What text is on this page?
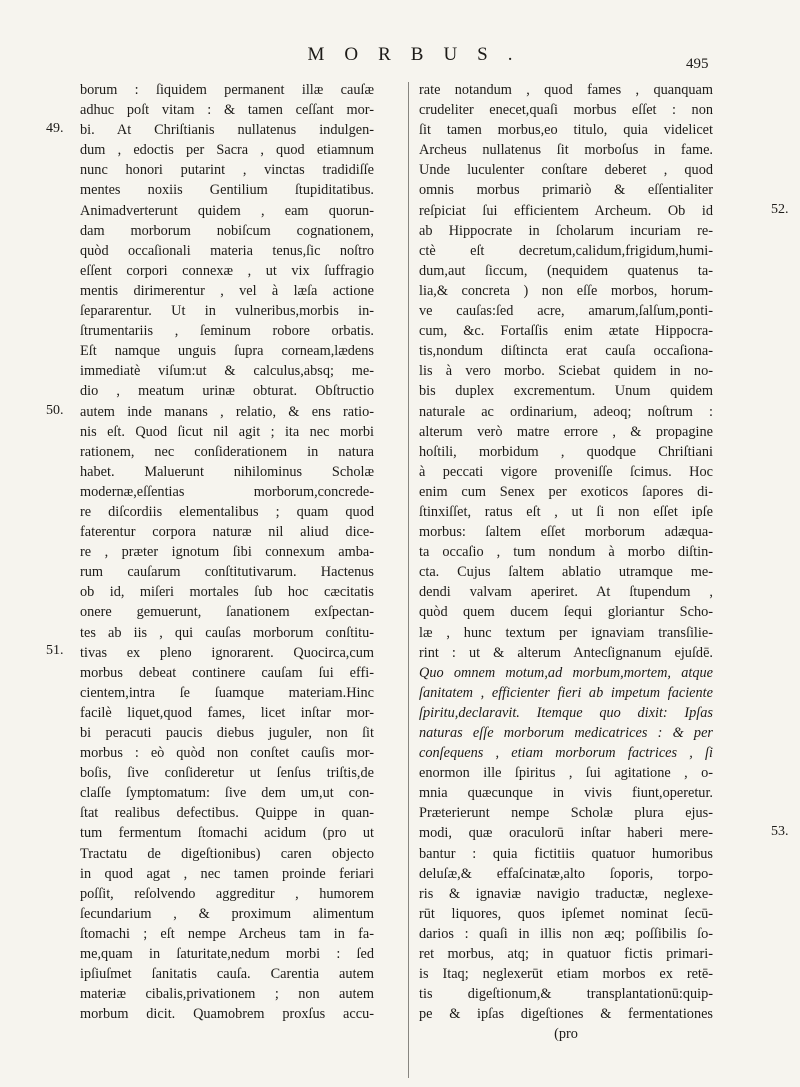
MORBUS.	495
49.
50.
51.
52.
53.
borum : ſiquidem permanent illæ cauſæ
adhuc poſt vitam : & tamen ceſſant mor-
bi. At Chriſtianis nullatenus indulgen-
dum , edoctis per Sacra , quod etiamnum
nunc honori putarint , vinctas tradidiſſe
mentes noxiis Gentilium ſtupiditatibus.
Animadverterunt quidem , eam quorun-
dam morborum nobiſcum cognationem,
quòd occaſionali materia tenus,ſic noſtro
eſſent corpori connexæ , ut vix ſuffragio
mentis dirimerentur , vel à læſa actione
ſepararentur. Ut in vulneribus,morbis in-
ſtrumentariis , ſeminum robore orbatis.
Eſt namque unguis ſupra corneam,lædens
immediatè viſum:ut & calculus,absq; me-
dio , meatum urinæ obturat. Obſtructio
autem inde manans , relatio, & ens ratio-
nis eſt. Quod ſicut nil agit ; ita nec morbi
rationem, nec conſiderationem in natura
habet. Maluerunt nihilominus Scholæ
modernæ,eſſentias morborum,concrede-
re diſcordiis elementalibus ; quam quod
faterentur corpora naturæ nil aliud dice-
re , præter ignotum ſibi connexum amba-
rum cauſarum conſtitutivarum. Hactenus
ob id, miſeri mortales ſub hoc cæcitatis
onere gemuerunt, ſanationem exſpectan-
tes ab iis , qui cauſas morborum conſtitu-
tivas ex pleno ignorarent. Quocirca,cum
morbus debeat continere cauſam ſui effi-
cientem,intra ſe ſuamque materiam.Hinc
facilè liquet,quod fames, licet inſtar mor-
bi peracuti paucis diebus juguler, non ſit
morbus : eò quòd non conſtet cauſis mor-
boſis, ſive conſideretur ut ſenſus triſtis,de
claſſe ſymptomatum: ſive dem um,ut con-
ſtat realibus defectibus. Quippe in quan-
tum fermentum ſtomachi acidum (pro ut
Tractatu de digeſtionibus) caren objecto
in quod agat , nec tamen proinde feriari
poſſit, reſolvendo aggreditur , humorem
ſecundarium , & proximum alimentum
ſtomachi ; eſt nempe Archeus tam in fa-
me,quam in ſaturitate,nedum morbi : ſed
ipſiuſmet ſanitatis cauſa. Carentia autem
materiæ cibalis,privationem ; non autem
morbum dicit. Quamobrem proxſus accu-
rate notandum , quod fames , quanquam
crudeliter enecet,quaſi morbus eſſet : non
ſit tamen morbus,eo titulo, quia videlicet
Archeus nullatenus ſit morboſus in fame.
Unde luculenter conſtare deberet , quod
omnis morbus primariò & eſſentialiter
reſpiciat ſui efficientem Archeum. Ob id
ab Hippocrate in ſcholarum incuriam re-
ctè eſt decretum,calidum,frigidum,humi-
dum,aut ſiccum, (nequidem quatenus ta-
lia,& concreta ) non eſſe morbos, horum-
ve cauſas:ſed acre, amarum,ſalſum,ponti-
cum, &c. Fortaſſis enim ætate Hippocra-
tis,nondum diſtincta erat cauſa occaſiona-
lis à vero morbo. Sciebat quidem in no-
bis duplex excrementum. Unum quidem
naturale ac ordinarium, adeoq; noſtrum :
alterum verò matre errore , & propagine
hoſtili, morbidum , quodque Chriſtiani
à peccati vigore proveniſſe ſcimus. Hoc
enim cum Senex per exoticos ſapores di-
ſtinxiſſet, ratus eſt , ut ſi non eſſet ipſe
morbus: ſaltem eſſet morborum adæqua-
ta occaſio , tum nondum à morbo diſtin-
cta. Cujus ſaltem ablatio utramque me-
dendi valvam aperiret. At ſtupendum ,
quòd quem ducem ſequi gloriantur Scho-
læ , hunc textum per ignaviam transſilie-
rint : ut & alterum Antecſignanum ejuſdē.
Quo omnem motum,ad morbum,mortem, atque
ſanitatem , efficienter fieri ab impetum faciente
ſpiritu,declaravit. Itemque quo dixit: Ipſas
naturas eſſe morborum medicatrices : & per
conſequens , etiam morborum factrices , ſi
enormon ille ſpiritus , ſui agitatione , o-
mnia quæcunque in vivis fiunt,operetur.
Præterierunt nempe Scholæ plura ejus-
modi, quæ oraculorū inſtar haberi mere-
bantur : quia fictitiis quatuor humoribus
deluſæ,& effaſcinatæ,alto ſoporis, torpo-
ris & ignaviæ navigio traductæ, neglexe-
rūt liquores, quos ipſemet nominat ſecū-
darios : quaſi in illis non æq; poſſibilis ſo-
ret morbus, atq; in quatuor fictis primari-
is Itaq; neglexerūt etiam morbos ex retē-
tis digeſtionum,& transplantationū:quip-
pe & ipſas digeſtiones & fermentationes
(pro
